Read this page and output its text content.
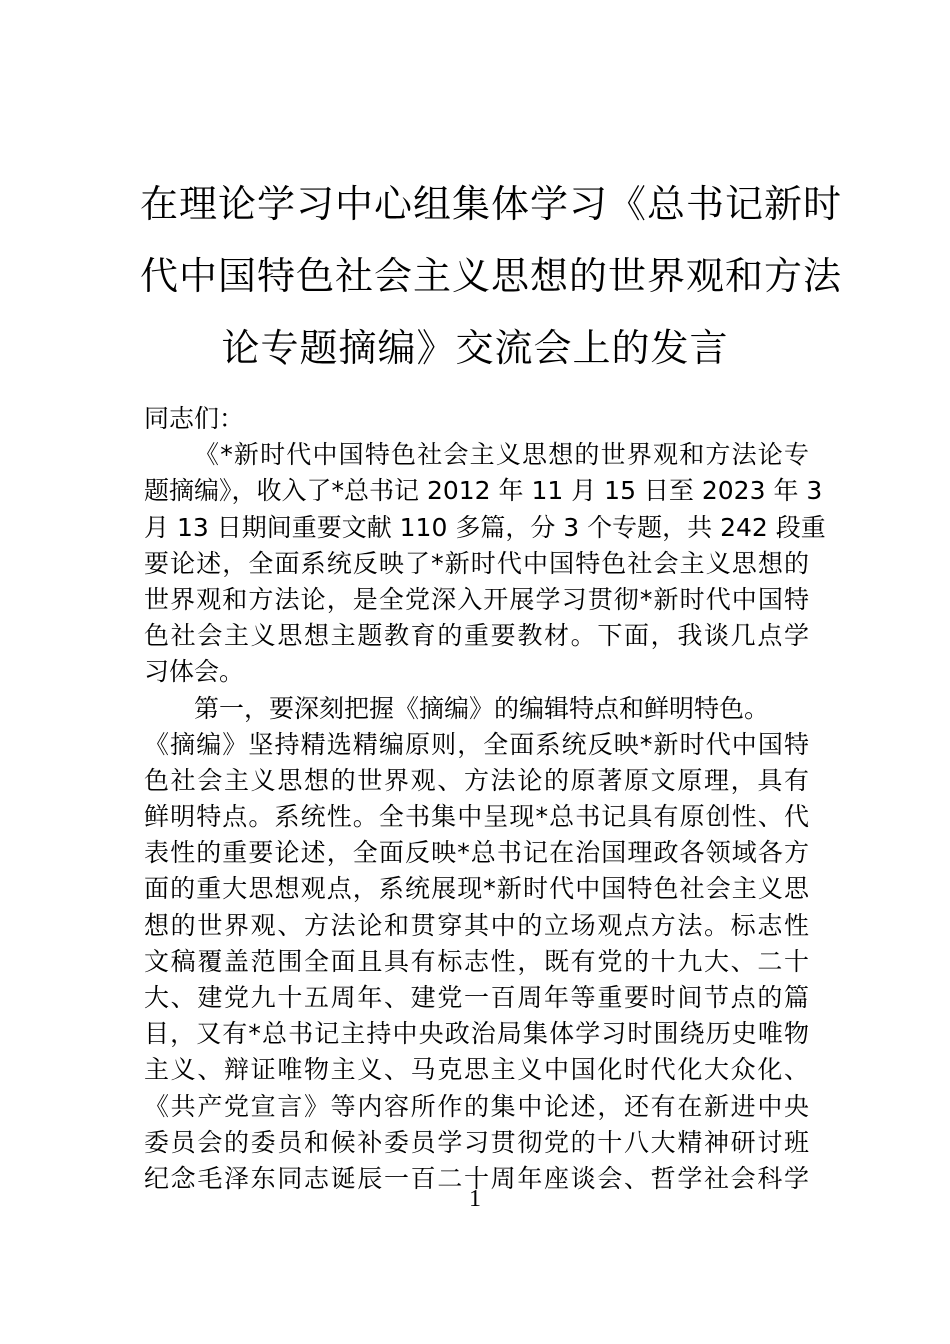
在理论学习中心组集体学习《总书记新时
代中国特色社会主义思想的世界观和方法
论专题摘编》交流会上的发言
同志们：
《*新时代中国特色社会主义思想的世界观和方法论专
题摘编》，收入了*总书记 2012 年 11 月 15 日至 2023 年 3
月 13 日期间重要文献 110 多篇，分 3 个专题，共 242 段重
要论述，全面系统反映了*新时代中国特色社会主义思想的
世界观和方法论，是全党深入开展学习贯彻*新时代中国特
色社会主义思想主题教育的重要教材。下面，我谈几点学
习体会。
第一，要深刻把握《摘编》的编辑特点和鲜明特色。
《摘编》坚持精选精编原则，全面系统反映*新时代中国特
色社会主义思想的世界观、方法论的原著原文原理，具有
鲜明特点。系统性。全书集中呈现*总书记具有原创性、代
表性的重要论述，全面反映*总书记在治国理政各领域各方
面的重大思想观点，系统展现*新时代中国特色社会主义思
想的世界观、方法论和贯穿其中的立场观点方法。标志性
文稿覆盖范围全面且具有标志性，既有党的十九大、二十
大、建党九十五周年、建党一百周年等重要时间节点的篇
目，又有*总书记主持中央政治局集体学习时围绕历史唯物
主义、辩证唯物主义、马克思主义中国化时代化大众化、
《共产党宣言》等内容所作的集中论述，还有在新进中央
委员会的委员和候补委员学习贯彻党的十八大精神研讨班
纪念毛泽东同志诞辰一百二十周年座谈会、哲学社会科学
1
